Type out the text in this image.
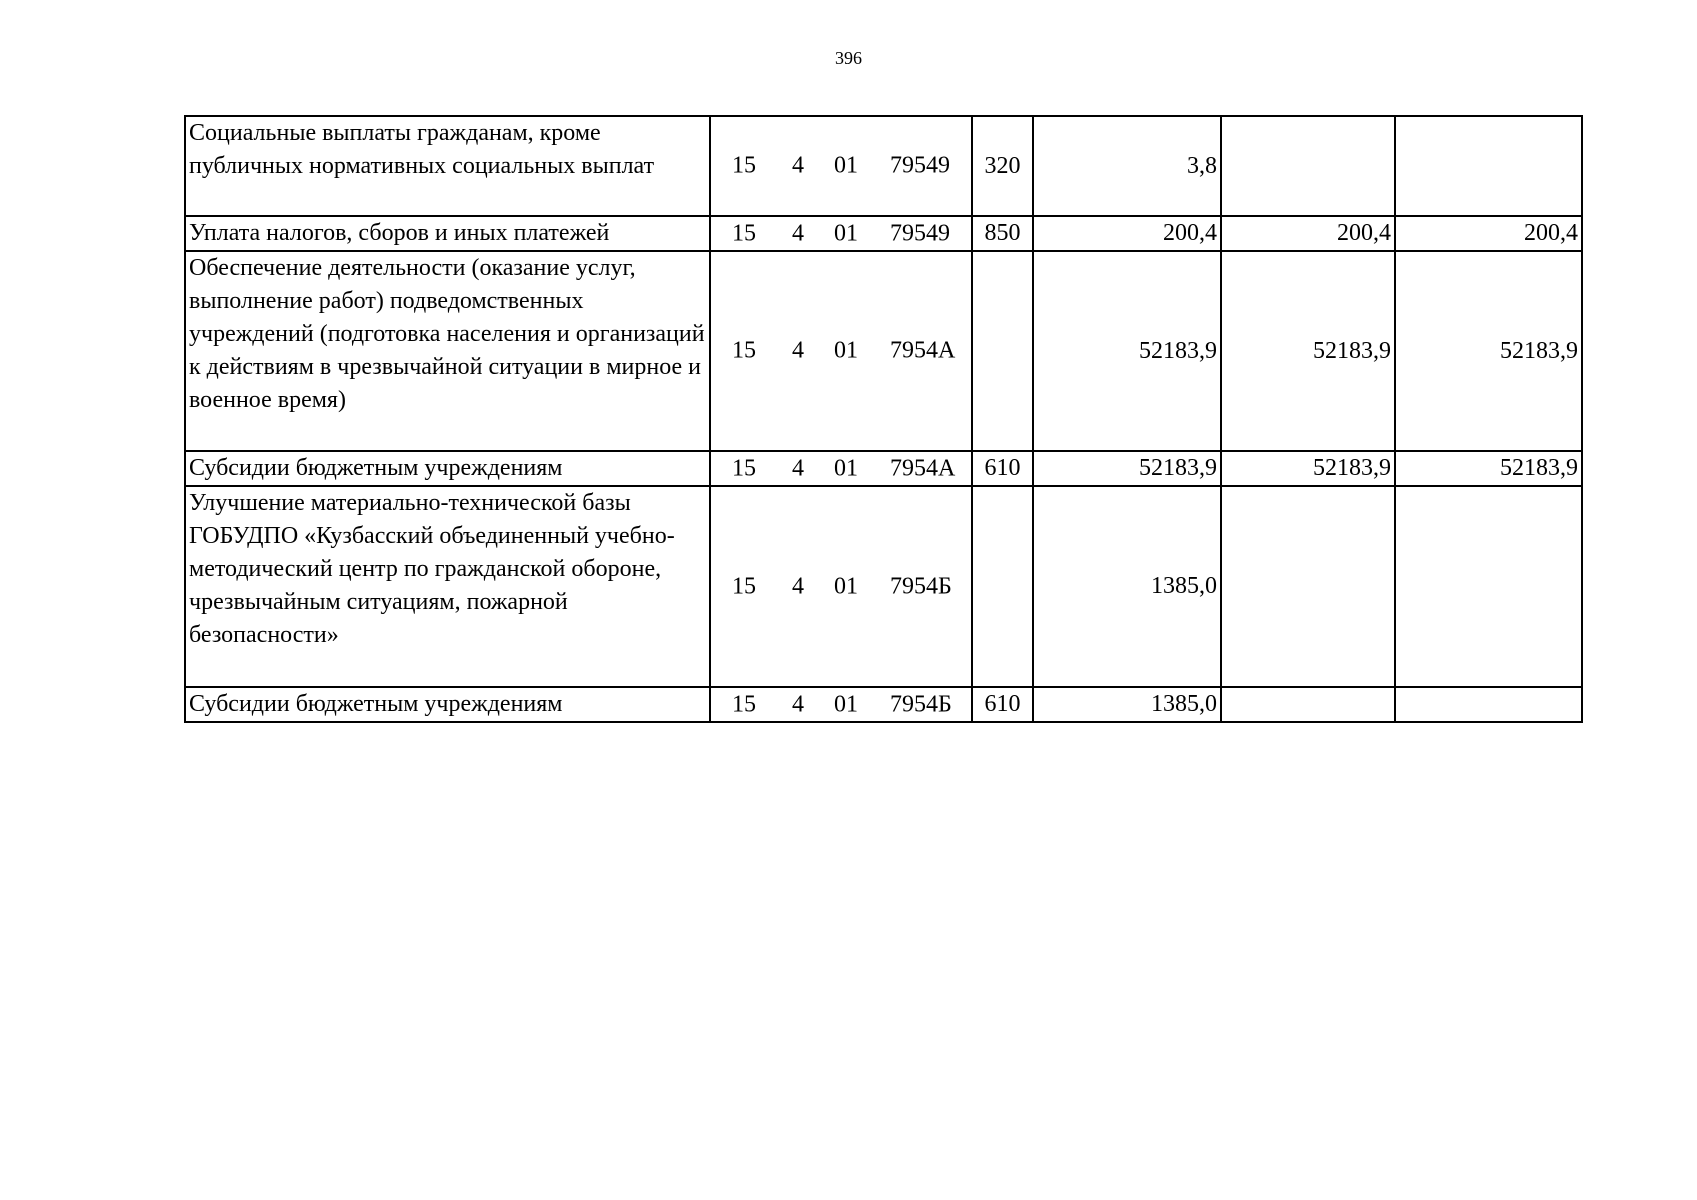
396
Социальные выплаты гражданам, кроме публичных нормативных социальных выплат	15 4 01 79549	320	3,8		
Уплата налогов, сборов и иных платежей	15 4 01 79549	850	200,4	200,4	200,4
Обеспечение деятельности (оказание услуг, выполнение работ) подведомственных учреждений (подготовка населения и организаций к действиям в чрезвычайной ситуации в мирное и военное время)	15 4 01 7954А		52183,9	52183,9	52183,9
Субсидии бюджетным учреждениям	15 4 01 7954А	610	52183,9	52183,9	52183,9
Улучшение материально-технической базы ГОБУДПО «Кузбасский объединенный учебно-методический центр по гражданской обороне, чрезвычайным ситуациям, пожарной безопасности»	15 4 01 7954Б		1385,0		
Субсидии бюджетным учреждениям	15 4 01 7954Б	610	1385,0		
